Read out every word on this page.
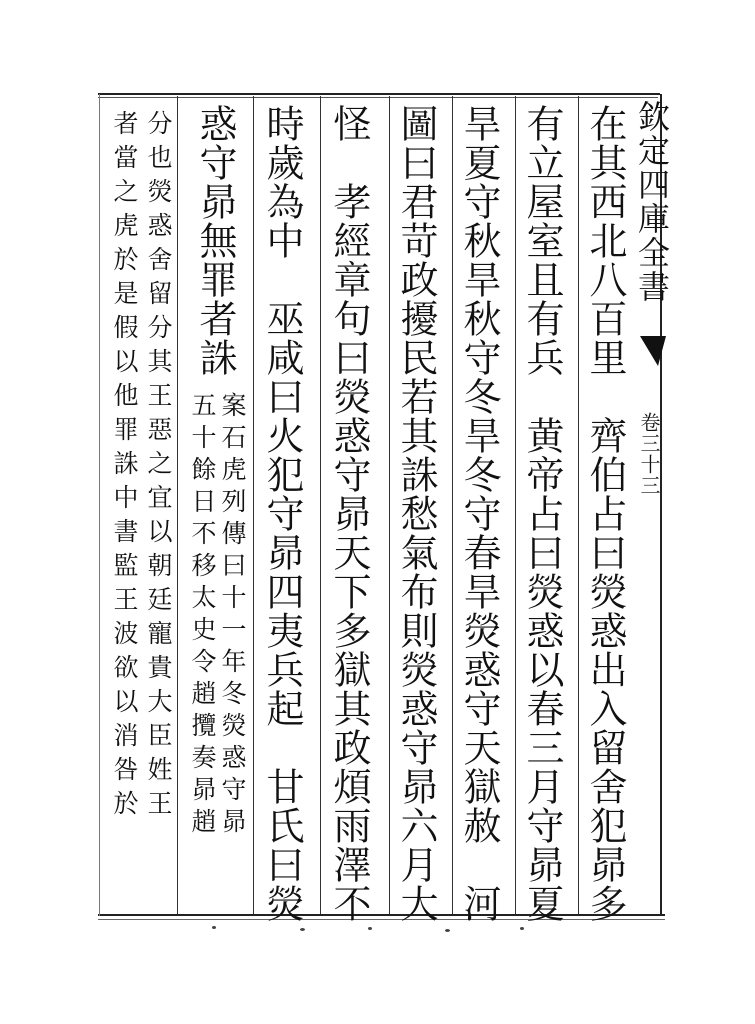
欽定四庫全書
卷三十三
在其西北八百里　齊伯占曰熒惑出入留舍犯昴多
有立屋室且有兵　黄帝占曰熒惑以春三月守昴夏
旱夏守秋旱秋守冬旱冬守春旱熒惑守天獄赦　河
圖曰君苛政擾民若其誅愁氣布則熒惑守昴六月大
怪　孝經章句曰熒惑守昴天下多獄其政煩雨澤不
時歲為中　巫咸曰火犯守昴四夷兵起　甘氏曰熒
惑守昴無罪者誅
案石虎列傳曰十一年冬熒惑守昴
五十餘日不移太史令趙攬奏昴趙
分也熒惑舍留分其王惡之宜以朝廷寵貴大臣姓王
者當之虎於是假以他罪誅中書監王波欲以消咎於
